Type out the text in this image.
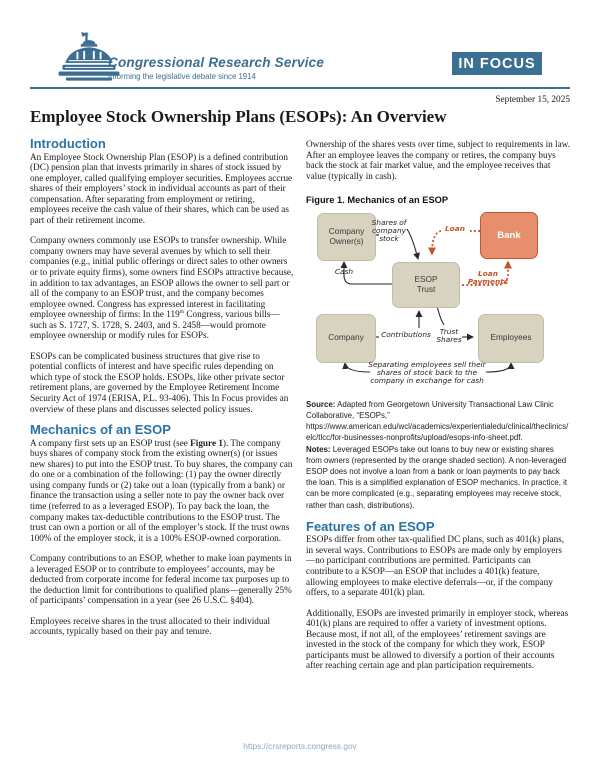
Congressional Research Service
Informing the legislative debate since 1914
IN FOCUS
September 15, 2025
Employee Stock Ownership Plans (ESOPs): An Overview
Introduction

An Employee Stock Ownership Plan (ESOP) is a defined contribution (DC) pension plan that invests primarily in shares of stock issued by one employer, called qualifying employer securities. Employees accrue shares of their employers’ stock in individual accounts as part of their compensation. After separating from employment or retiring, employees receive the cash value of their shares, which can be used as part of their retirement income.

Company owners commonly use ESOPs to transfer ownership. While company owners may have several avenues by which to sell their companies (e.g., initial public offerings or direct sales to other owners or to private equity firms), some owners find ESOPs attractive because, in addition to tax advantages, an ESOP allows the owner to sell part or all of the company to an ESOP trust, and the company becomes employee owned. Congress has expressed interest in facilitating employee ownership of firms: In the 119th Congress, various bills—such as S. 1727, S. 1728, S. 2403, and S. 2458—would promote employee ownership or modify rules for ESOPs.

ESOPs can be complicated business structures that give rise to potential conflicts of interest and have specific rules depending on which type of stock the ESOP holds. ESOPs, like other private sector retirement plans, are governed by the Employee Retirement Income Security Act of 1974 (ERISA, P.L. 93-406). This In Focus provides an overview of these plans and discusses selected policy issues.

Mechanics of an ESOP

A company first sets up an ESOP trust (see Figure 1). The company buys shares of company stock from the existing owner(s) (or issues new shares) to put into the ESOP trust. To buy shares, the company can do one or a combination of the following: (1) pay the owner directly using company funds or (2) take out a loan (typically from a bank) or finance the transaction using a seller note to pay the owner back over time (referred to as a leveraged ESOP). To pay back the loan, the company makes tax-deductible contributions to the ESOP trust. The trust can own a portion or all of the employer’s stock. If the trust owns 100% of the employer stock, it is a 100% ESOP-owned corporation.

Company contributions to an ESOP, whether to make loan payments in a leveraged ESOP or to contribute to employees’ accounts, may be deducted from corporate income for federal income tax purposes up to the deduction limit for contributions to qualified plans—generally 25% of participants’ compensation in a year (see 26 U.S.C. §404).

Employees receive shares in the trust allocated to their individual accounts, typically based on their pay and tenure.

Ownership of the shares vests over time, subject to requirements in law. After an employee leaves the company or retires, the company buys back the stock at fair market value, and the employee receives that value (typically in cash).

Figure 1. Mechanics of an ESOP
Company Owner(s)
Bank
ESOP Trust
Company	Employees
Shares of company stock
Loan
Cash	Loan Payments
Contributions	Trust Shares
Separating employees sell their shares of stock back to the company in exchange for cash

Source: Adapted from Georgetown University Transactional Law Clinic Collaborative, “ESOPs,” https://www.american.edu/wcl/academics/experientialedu/clinical/theclinics/elc/tlcc/for-businesses-nonprofits/upload/esops-info-sheet.pdf.

Notes: Leveraged ESOPs take out loans to buy new or existing shares from owners (represented by the orange shaded section). A non-leveraged ESOP does not involve a loan from a bank or loan payments to pay back the loan. This is a simplified explanation of ESOP mechanics. In practice, it can be more complicated (e.g., separating employees may receive stock, rather than cash, distributions).

Features of an ESOP

ESOPs differ from other tax-qualified DC plans, such as 401(k) plans, in several ways. Contributions to ESOPs are made only by employers—no participant contributions are permitted. Participants can contribute to a KSOP—an ESOP that includes a 401(k) feature, allowing employees to make elective deferrals—or, if the company offers, to a separate 401(k) plan.

Additionally, ESOPs are invested primarily in employer stock, whereas 401(k) plans are required to offer a variety of investment options. Because most, if not all, of the employees’ retirement savings are invested in the stock of the company for which they work, ESOP participants must be allowed to diversify a portion of their accounts after reaching certain age and plan participation requirements.

https://crsreports.congress.gov
